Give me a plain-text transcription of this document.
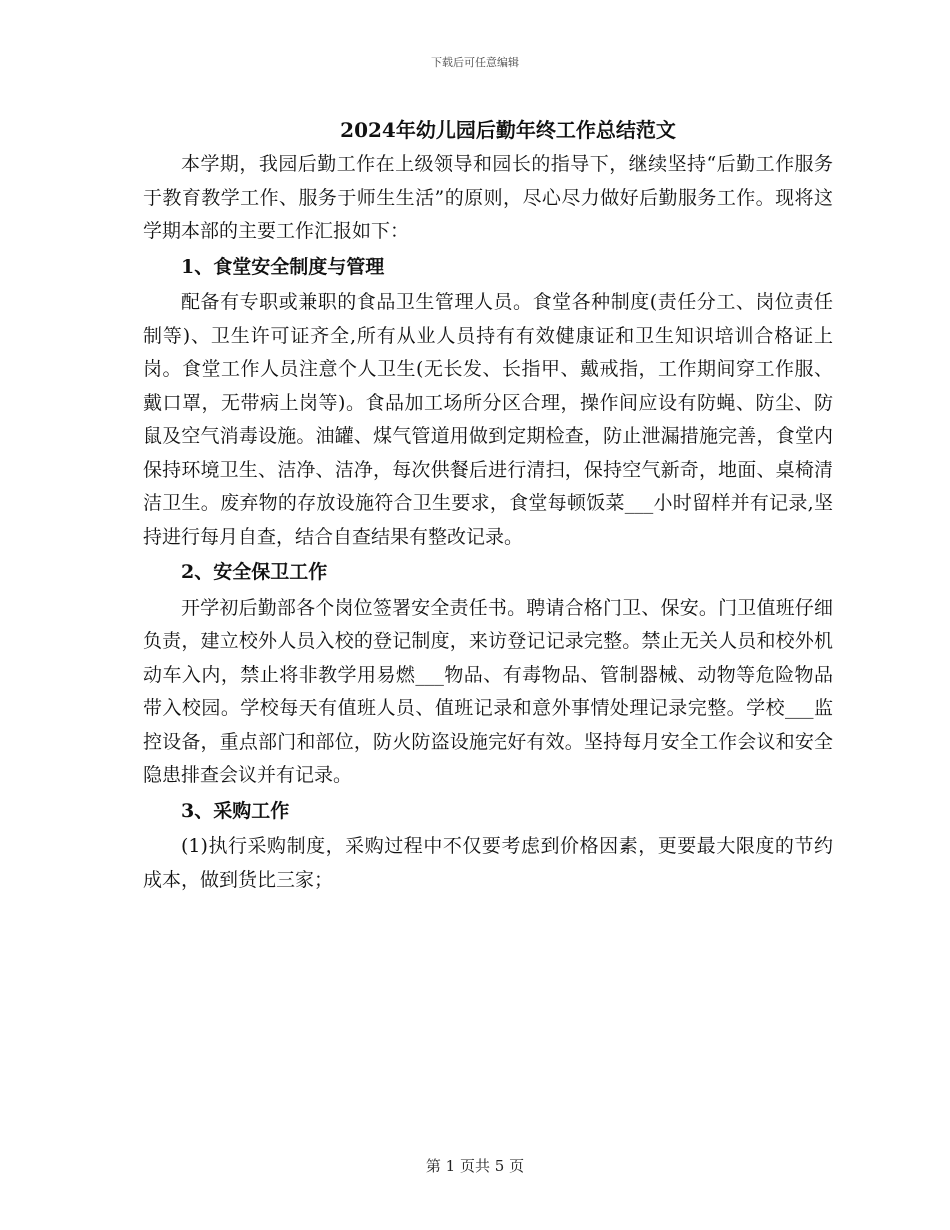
下载后可任意编辑
2024年幼儿园后勤年终工作总结范文

本学期，我园后勤工作在上级领导和园长的指导下，继续坚持“后勤工作服务于教育教学工作、服务于师生生活”的原则，尽心尽力做好后勤服务工作。现将这学期本部的主要工作汇报如下：

1、食堂安全制度与管理

配备有专职或兼职的食品卫生管理人员。食堂各种制度(责任分工、岗位责任制等)、卫生许可证齐全,所有从业人员持有有效健康证和卫生知识培训合格证上岗。食堂工作人员注意个人卫生(无长发、长指甲、戴戒指，工作期间穿工作服、戴口罩，无带病上岗等)。食品加工场所分区合理，操作间应设有防蝇、防尘、防鼠及空气消毒设施。油罐、煤气管道用做到定期检查，防止泄漏措施完善，食堂内保持环境卫生、洁净、洁净，每次供餐后进行清扫，保持空气新奇，地面、桌椅清洁卫生。废弃物的存放设施符合卫生要求，食堂每顿饭菜___小时留样并有记录,坚持进行每月自查，结合自查结果有整改记录。

2、安全保卫工作

开学初后勤部各个岗位签署安全责任书。聘请合格门卫、保安。门卫值班仔细负责，建立校外人员入校的登记制度，来访登记记录完整。禁止无关人员和校外机动车入内，禁止将非教学用易燃___物品、有毒物品、管制器械、动物等危险物品带入校园。学校每天有值班人员、值班记录和意外事情处理记录完整。学校___监控设备，重点部门和部位，防火防盗设施完好有效。坚持每月安全工作会议和安全隐患排查会议并有记录。

3、采购工作

(1)执行采购制度，采购过程中不仅要考虑到价格因素，更要最大限度的节约成本，做到货比三家；

第 1 页共 5 页
